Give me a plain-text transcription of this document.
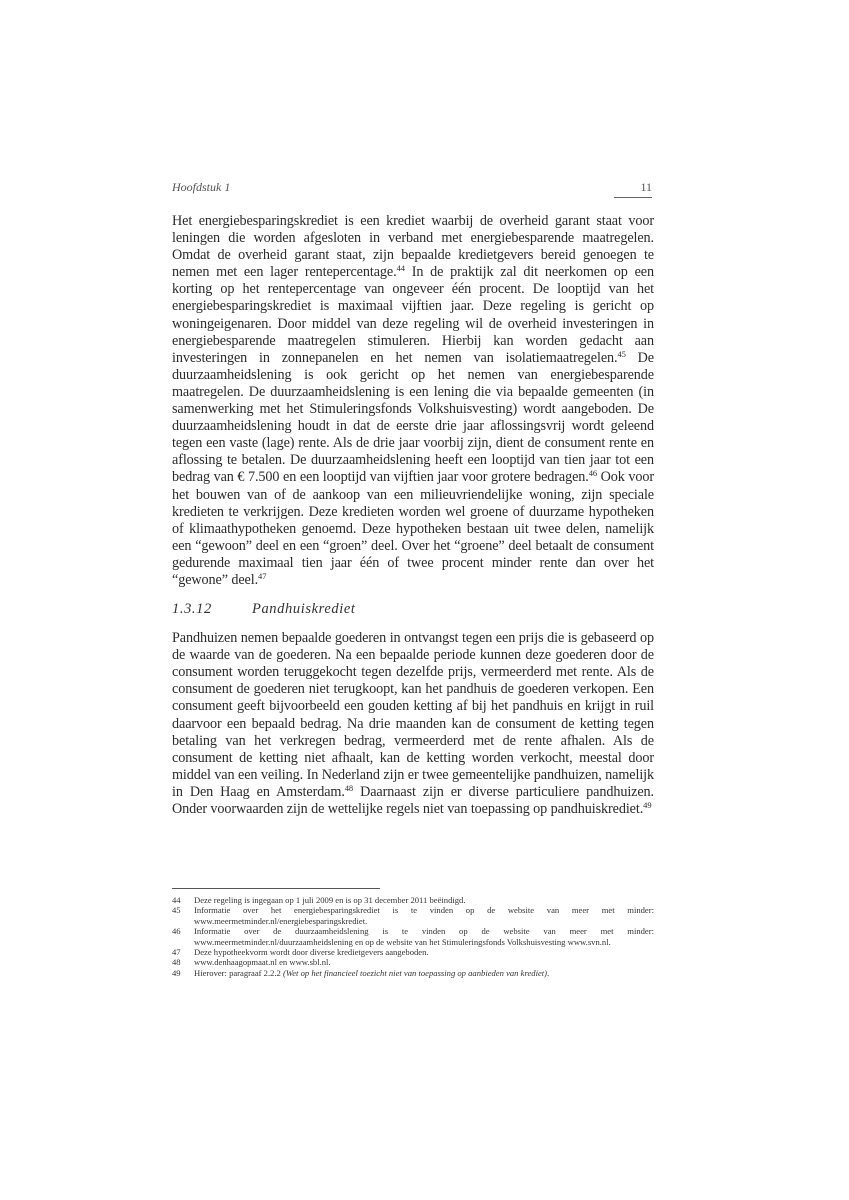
Hoofdstuk 1	11

Het energiebesparingskrediet is een krediet waarbij de overheid garant staat voor leningen die worden afgesloten in verband met energiebesparende maatregelen. Omdat de overheid garant staat, zijn bepaalde kredietgevers bereid genoegen te nemen met een lager rentepercentage.$^{44}$ In de praktijk zal dit neerkomen op een korting op het rentepercentage van ongeveer één procent. De looptijd van het energiebesparingskrediet is maximaal vijftien jaar. Deze regeling is gericht op woningeigenaren. Door middel van deze regeling wil de overheid investeringen in energiebesparende maatregelen stimuleren. Hierbij kan worden gedacht aan investeringen in zonnepanelen en het nemen van isolatiemaatregelen.$^{45}$ De duurzaamheidslening is ook gericht op het nemen van energiebesparende maatregelen. De duurzaamheidslening is een lening die via bepaalde gemeenten (in samenwerking met het Stimuleringsfonds Volkshuisvesting) wordt aangeboden. De duurzaamheidslening houdt in dat de eerste drie jaar aflossingsvrij wordt geleend tegen een vaste (lage) rente. Als de drie jaar voorbij zijn, dient de consument rente en aflossing te betalen. De duurzaamheidslening heeft een looptijd van tien jaar tot een bedrag van € 7.500 en een looptijd van vijftien jaar voor grotere bedragen.$^{46}$ Ook voor het bouwen van of de aankoop van een milieuvriendelijke woning, zijn speciale kredieten te verkrijgen. Deze kredieten worden wel groene of duurzame hypotheken of klimaathypotheken genoemd. Deze hypotheken bestaan uit twee delen, namelijk een “gewoon” deel en een “groen” deel. Over het “groene” deel betaalt de consument gedurende maximaal tien jaar één of twee procent minder rente dan over het “gewone” deel.$^{47}$

1.3.12	Pandhuiskrediet

Pandhuizen nemen bepaalde goederen in ontvangst tegen een prijs die is gebaseerd op de waarde van de goederen. Na een bepaalde periode kunnen deze goederen door de consument worden teruggekocht tegen dezelfde prijs, vermeerderd met rente. Als de consument de goederen niet terugkoopt, kan het pandhuis de goederen verkopen. Een consument geeft bijvoorbeeld een gouden ketting af bij het pandhuis en krijgt in ruil daarvoor een bepaald bedrag. Na drie maanden kan de consument de ketting tegen betaling van het verkregen bedrag, vermeerderd met de rente afhalen. Als de consument de ketting niet afhaalt, kan de ketting worden verkocht, meestal door middel van een veiling. In Nederland zijn er twee gemeentelijke pandhuizen, namelijk in Den Haag en Amsterdam.$^{48}$ Daarnaast zijn er diverse particuliere pandhuizen. Onder voorwaarden zijn de wettelijke regels niet van toepassing op pandhuiskrediet.$^{49}$

44	Deze regeling is ingegaan op 1 juli 2009 en is op 31 december 2011 beëindigd.
45	Informatie over het energiebesparingskrediet is te vinden op de website van meer met minder: www.meermetminder.nl/energiebesparingskrediet.
46	Informatie over de duurzaamheidslening is te vinden op de website van meer met minder: www.meermetminder.nl/duurzaamheidslening en op de website van het Stimuleringsfonds Volkshuisvesting www.svn.nl.
47	Deze hypotheekvorm wordt door diverse kredietgevers aangeboden.
48	www.denhaagopmaat.nl en www.sbl.nl.
49	Hierover: paragraaf 2.2.2 (Wet op het financieel toezicht niet van toepassing op aanbieden van krediet).
